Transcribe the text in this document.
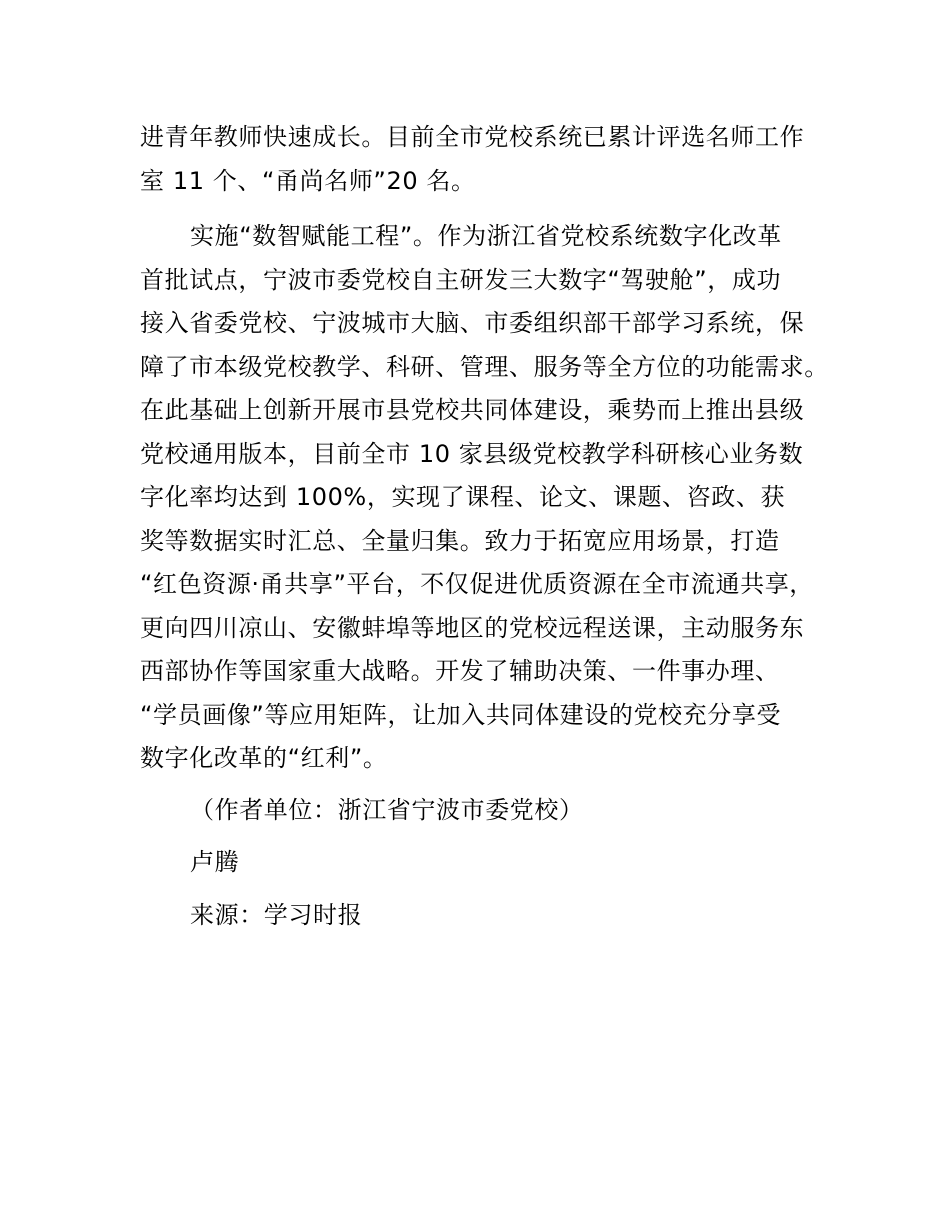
进青年教师快速成长。目前全市党校系统已累计评选名师工作
室 11 个、“甬尚名师”20 名。
实施“数智赋能工程”。作为浙江省党校系统数字化改革
首批试点，宁波市委党校自主研发三大数字“驾驶舱”，成功
接入省委党校、宁波城市大脑、市委组织部干部学习系统，保
障了市本级党校教学、科研、管理、服务等全方位的功能需求。
在此基础上创新开展市县党校共同体建设，乘势而上推出县级
党校通用版本，目前全市 10 家县级党校教学科研核心业务数
字化率均达到 100%，实现了课程、论文、课题、咨政、获
奖等数据实时汇总、全量归集。致力于拓宽应用场景，打造
“红色资源·甬共享”平台，不仅促进优质资源在全市流通共享，
更向四川凉山、安徽蚌埠等地区的党校远程送课，主动服务东
西部协作等国家重大战略。开发了辅助决策、一件事办理、
“学员画像”等应用矩阵，让加入共同体建设的党校充分享受
数字化改革的“红利”。
（作者单位：浙江省宁波市委党校）
卢腾
来源：学习时报
